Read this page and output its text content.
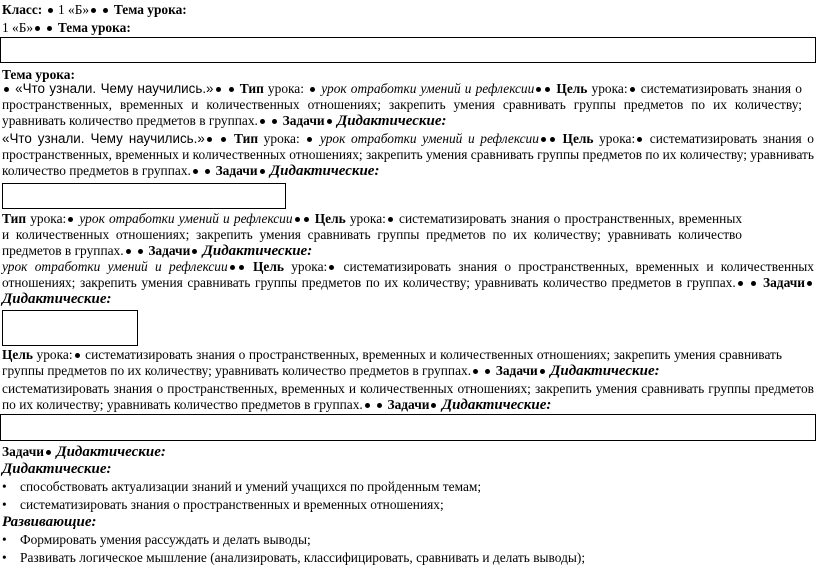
Класс: 1 «Б» Тема урока:
1 «Б» Тема урока:
Тема урока:
«Что узнали. Чему научились.» Тип урока: урок отработки умений и рефлексии Цель урока: систематизировать знания о пространственных, временных и количественных отношениях; закрепить умения сравнивать группы предметов по их количеству; уравнивать количество предметов в группах. Задачи Дидактические:
«Что узнали. Чему научились.» Тип урока: урок отработки умений и рефлексии Цель урока: систематизировать знания о пространственных, временных и количественных отношениях; закрепить умения сравнивать группы предметов по их количеству; уравнивать количество предметов в группах. Задачи Дидактические:
Тип урока: урок отработки умений и рефлексии Цель урока: систематизировать знания о пространственных, временных и количественных отношениях; закрепить умения сравнивать группы предметов по их количеству; уравнивать количество предметов в группах. Задачи Дидактические:
урок отработки умений и рефлексии Цель урока: систематизировать знания о пространственных, временных и количественных отношениях; закрепить умения сравнивать группы предметов по их количеству; уравнивать количество предметов в группах. Задачи Дидактические:
Цель урока: систематизировать знания о пространственных, временных и количественных отношениях; закрепить умения сравнивать группы предметов по их количеству; уравнивать количество предметов в группах. Задачи Дидактические:
систематизировать знания о пространственных, временных и количественных отношениях; закрепить умения сравнивать группы предметов по их количеству; уравнивать количество предметов в группах. Задачи Дидактические:
Задачи Дидактические:
Дидактические:
• способствовать актуализации знаний и умений учащихся по пройденным темам;
• систематизировать знания о пространственных и временных отношениях;
Развивающие:
• Формировать умения рассуждать и делать выводы;
• Развивать логическое мышление (анализировать, классифицировать, сравнивать и делать выводы);
